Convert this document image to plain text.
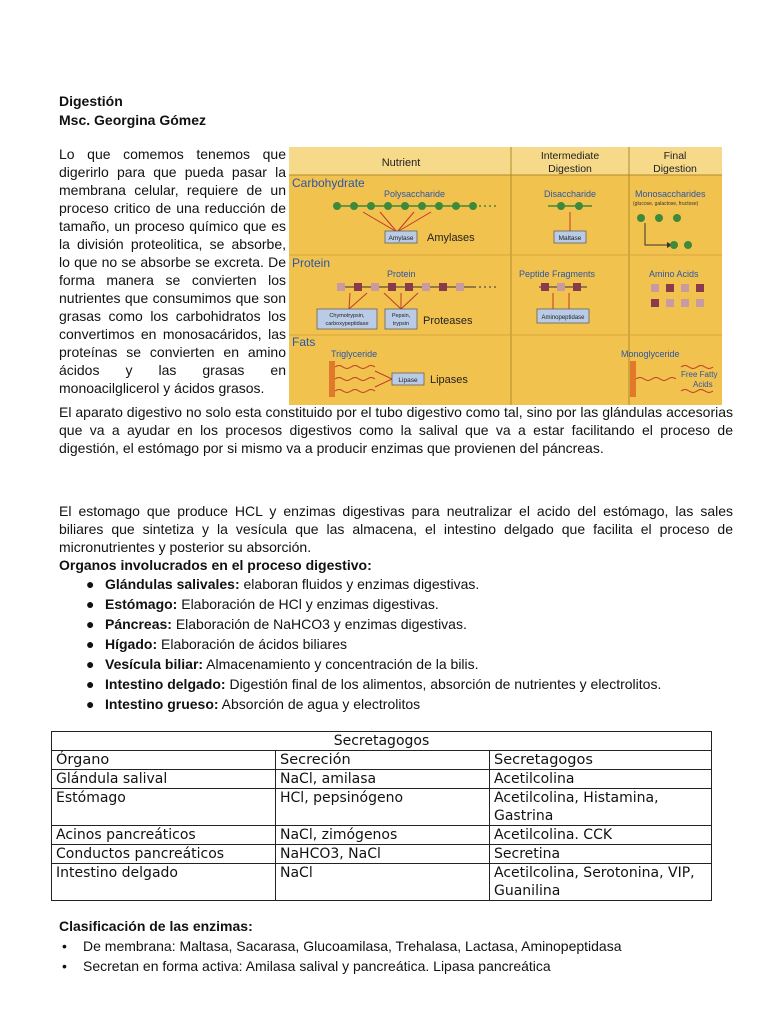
Digestión
Msc. Georgina Gómez

Lo que comemos tenemos que digerirlo para que pueda pasar la membrana celular, requiere de un proceso critico de una reducción de tamaño, un proceso químico que es la división proteolitica, se absorbe, lo que no se absorbe se excreta. De forma manera se convierten los nutrientes que consumimos que son grasas como los carbohidratos los convertimos en monosacáridos, las proteínas se convierten en amino ácidos y las grasas en monoacilglicerol y ácidos grasos.

Nutrient
Intermediate
Digestion
Final
Digestion
Carbohydrate
Polysaccharide
Amylase Amylases
Disaccharide
Maltase
Monosaccharides
(glucose, galactose, fructose)
Protein
Protein
Chymotrypsin,
carboxypeptidase
Pepsin,
trypsin Proteases
Peptide Fragments
Aminopeptidase
Amino Acids
Fats
Triglyceride
Lipase Lipases
Monoglyceride
Free Fatty
Acids

El aparato digestivo no solo esta constituido por el tubo digestivo como tal, sino por las glándulas accesorias que va a ayudar en los procesos digestivos como la salival que va a estar facilitando el proceso de digestión, el estómago por si mismo va a producir enzimas que provienen del páncreas.

El estomago que produce HCL y enzimas digestivas para neutralizar el acido del estómago, las sales biliares que sintetiza y la vesícula que las almacena, el intestino delgado que facilita el proceso de micronutrientes y posterior su absorción.

Organos involucrados en el proceso digestivo:
● Glándulas salivales: elaboran fluidos y enzimas digestivas.
● Estómago: Elaboración de HCl y enzimas digestivas.
● Páncreas: Elaboración de NaHCO3 y enzimas digestivas.
● Hígado: Elaboración de ácidos biliares
● Vesícula biliar: Almacenamiento y concentración de la bilis.
● Intestino delgado: Digestión final de los alimentos, absorción de nutrientes y electrolitos.
● Intestino grueso: Absorción de agua y electrolitos
Secretagogos		
Órgano	Secreción	Secretagogos
Glándula salival	NaCl, amilasa	Acetilcolina
Estómago	HCl, pepsinógeno	Acetilcolina, Histamina, Gastrina
Acinos pancreáticos	NaCl, zimógenos	Acetilcolina. CCK
Conductos pancreáticos	NaHCO3, NaCl	Secretina
Intestino delgado	NaCl	Acetilcolina, Serotonina, VIP, Guanilina
Clasificación de las enzimas:
• De membrana: Maltasa, Sacarasa, Glucoamilasa, Trehalasa, Lactasa, Aminopeptidasa
• Secretan en forma activa: Amilasa salival y pancreática. Lipasa pancreática
